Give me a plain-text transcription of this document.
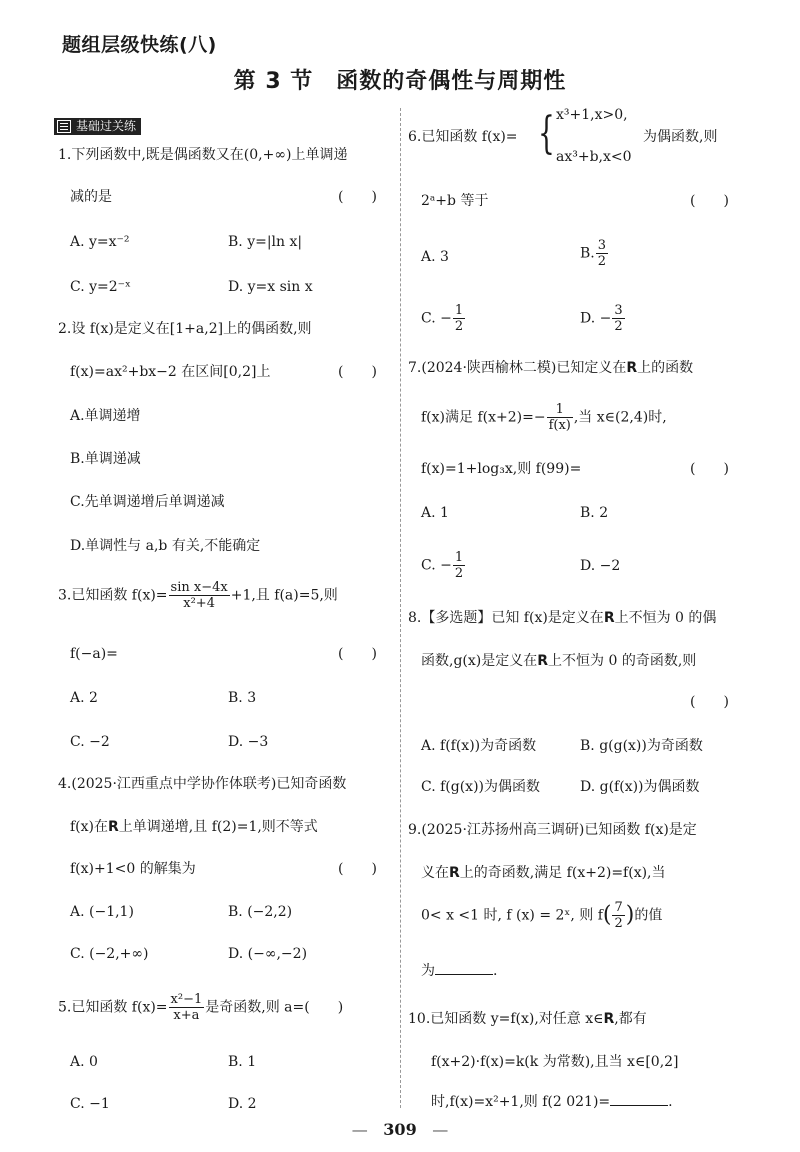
题组层级快练(八)
第 3 节　函数的奇偶性与周期性
基础过关练
1.下列函数中,既是偶函数又在(0,+∞)上单调递
减的是	(　　)
A. y=x⁻²	B. y=|ln x|
C. y=2⁻ˣ	D. y=x sin x
2.设 f(x)是定义在[1+a,2]上的偶函数,则
f(x)=ax²+bx−2 在区间[0,2]上	(　　)
A.单调递增
B.单调递减
C.先单调递增后单调递减
D.单调性与 a,b 有关,不能确定
3.已知函数 $f(x)= \frac{\text{sin x−4x}}{\text{x²+4}} +1$,且 f(a)=5,则
f(−a)=	(　　)
A. 2	B. 3
C. −2	D. −3
4.(2025·江西重点中学协作体联考)已知奇函数
f(x)在R上单调递增,且 f(2)=1,则不等式
f(x)+1<0 的解集为	(　　)
A. (−1,1)	B. (−2,2)
C. (−2,+∞)	D. (−∞,−2)
5.已知函数 $f(x)= \frac{\text{x²−1}}{x+a}$ 是奇函数,则 a=(　　)
A. 0	B. 1
C. −1	D. 2
6.已知函数 f(x)= { x³+1,x>0,
ax³+b,x<0
为偶函数,则
2ᵃ+b 等于	(　　)
A. 3	B. $\frac{3}{2}$
C. − $\frac{1}{2}$	D. − $\frac{3}{2}$
7.(2024·陕西榆林二模)已知定义在R上的函数
f(x)满足 $f(x+2)=- \frac{1}{f(x)}$ ,当 x∈(2,4)时,
f(x)=1+log₃x,则 f(99)=	(　　)
A. 1	B. 2
C. − $\frac{1}{2}$	D. −2
8.【多选题】已知 f(x)是定义在R上不恒为 0 的偶
函数,g(x)是定义在R上不恒为 0 的奇函数,则
(　　)
A. f(f(x))为奇函数	B. g(g(x))为奇函数
C. f(g(x))为偶函数	D. g(f(x))为偶函数
9.(2025·江苏扬州高三调研)已知函数 f(x)是定
义在R上的奇函数,满足 f(x+2)=f(x),当
0< x <1 时, f (x) = 2ˣ, 则 $f( \frac{7}{2}$ )的值
为	.
10.已知函数 y=f(x),对任意 x∈R,都有
f(x+2)·f(x)=k(k 为常数),且当 x∈[0,2]
时,f(x)=x²+1,则 f(2 021)=	.
— 309 —
